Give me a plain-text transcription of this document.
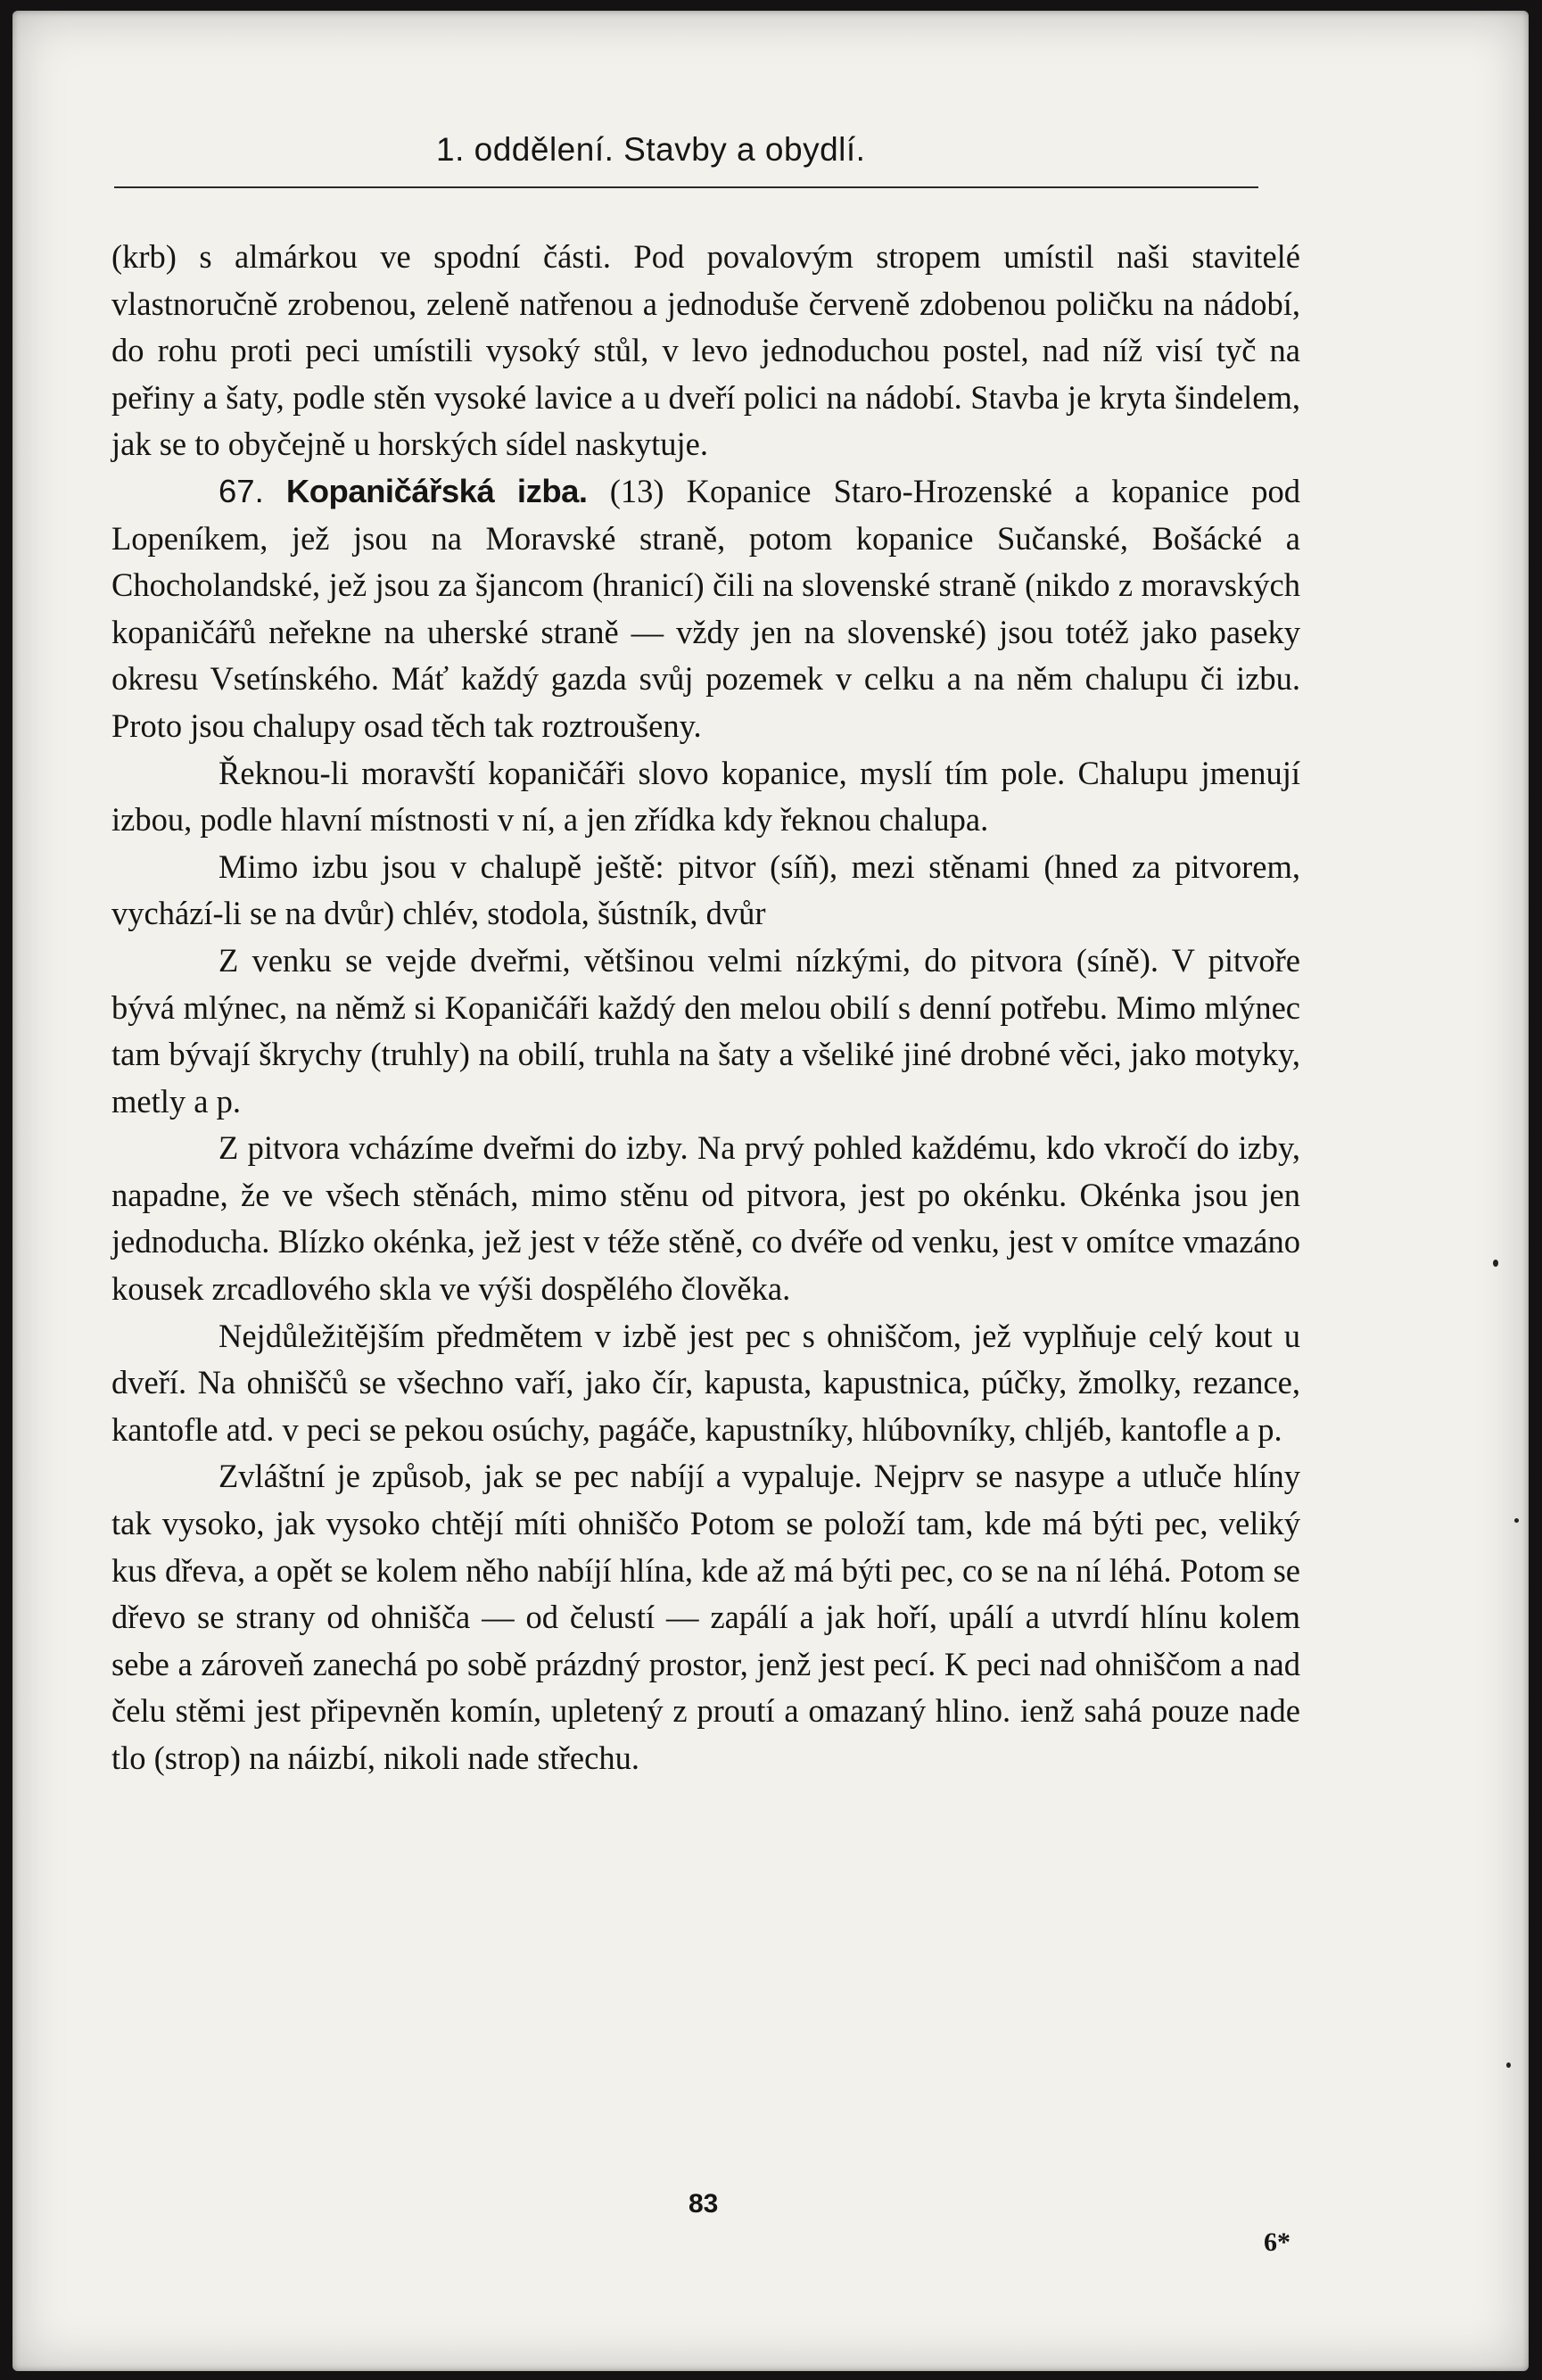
1. oddělení. Stavby a obydlí.

(krb) s almárkou ve spodní části. Pod povalovým stropem umístil naši stavitelé vlastnoručně zrobenou, zeleně natřenou a jednoduše červeně zdobenou poličku na nádobí, do rohu proti peci umístili vysoký stůl, v levo jednoduchou postel, nad níž visí tyč na peřiny a šaty, podle stěn vysoké lavice a u dveří polici na nádobí. Stavba je kryta šindelem, jak se to obyčejně u horských sídel naskytuje.

67. Kopaničářská izba. (13) Kopanice Staro-Hrozenské a kopanice pod Lopeníkem, jež jsou na Moravské straně, potom kopanice Sučanské, Bošácké a Chocholandské, jež jsou za šjancom (hranicí) čili na slovenské straně (nikdo z moravských kopaničářů neřekne na uherské straně — vždy jen na slovenské) jsou totéž jako paseky okresu Vsetínského. Máť každý gazda svůj pozemek v celku a na něm chalupu či izbu. Proto jsou chalupy osad těch tak roztroušeny.

Řeknou-li moravští kopaničáři slovo kopanice, myslí tím pole. Chalupu jmenují izbou, podle hlavní místnosti v ní, a jen zřídka kdy řeknou chalupa.

Mimo izbu jsou v chalupě ještě: pitvor (síň), mezi stěnami (hned za pitvorem, vychází-li se na dvůr) chlév, stodola, šústník, dvůr

Z venku se vejde dveřmi, většinou velmi nízkými, do pitvora (síně). V pitvoře bývá mlýnec, na němž si Kopaničáři každý den melou obilí s denní potřebu. Mimo mlýnec tam bývají škrychy (truhly) na obilí, truhla na šaty a všeliké jiné drobné věci, jako motyky, metly a p.

Z pitvora vcházíme dveřmi do izby. Na prvý pohled každému, kdo vkročí do izby, napadne, že ve všech stěnách, mimo stěnu od pitvora, jest po okénku. Okénka jsou jen jednoducha. Blízko okénka, jež jest v téže stěně, co dvéře od venku, jest v omítce vmazáno kousek zrcadlového skla ve výši dospělého člověka.

Nejdůležitějším předmětem v izbě jest pec s ohniščom, jež vyplňuje celý kout u dveří. Na ohniščů se všechno vaří, jako čír, kapusta, kapustnica, púčky, žmolky, rezance, kantofle atd. v peci se pekou osúchy, pagáče, kapustníky, hlúbovníky, chljéb, kantofle a p.

Zvláštní je způsob, jak se pec nabíjí a vypaluje. Nejprv se nasype a utluče hlíny tak vysoko, jak vysoko chtějí míti ohniščo Potom se položí tam, kde má býti pec, veliký kus dřeva, a opět se kolem něho nabíjí hlína, kde až má býti pec, co se na ní léhá. Potom se dřevo se strany od ohnišča — od čelustí — zapálí a jak hoří, upálí a utvrdí hlínu kolem sebe a zároveň zanechá po sobě prázdný prostor, jenž jest pecí. K peci nad ohniščom a nad čelu stěmi jest připevněn komín, upletený z proutí a omazaný hlino. ienž sahá pouze nade tlo (strop) na náizbí, nikoli nade střechu.

83
6*
